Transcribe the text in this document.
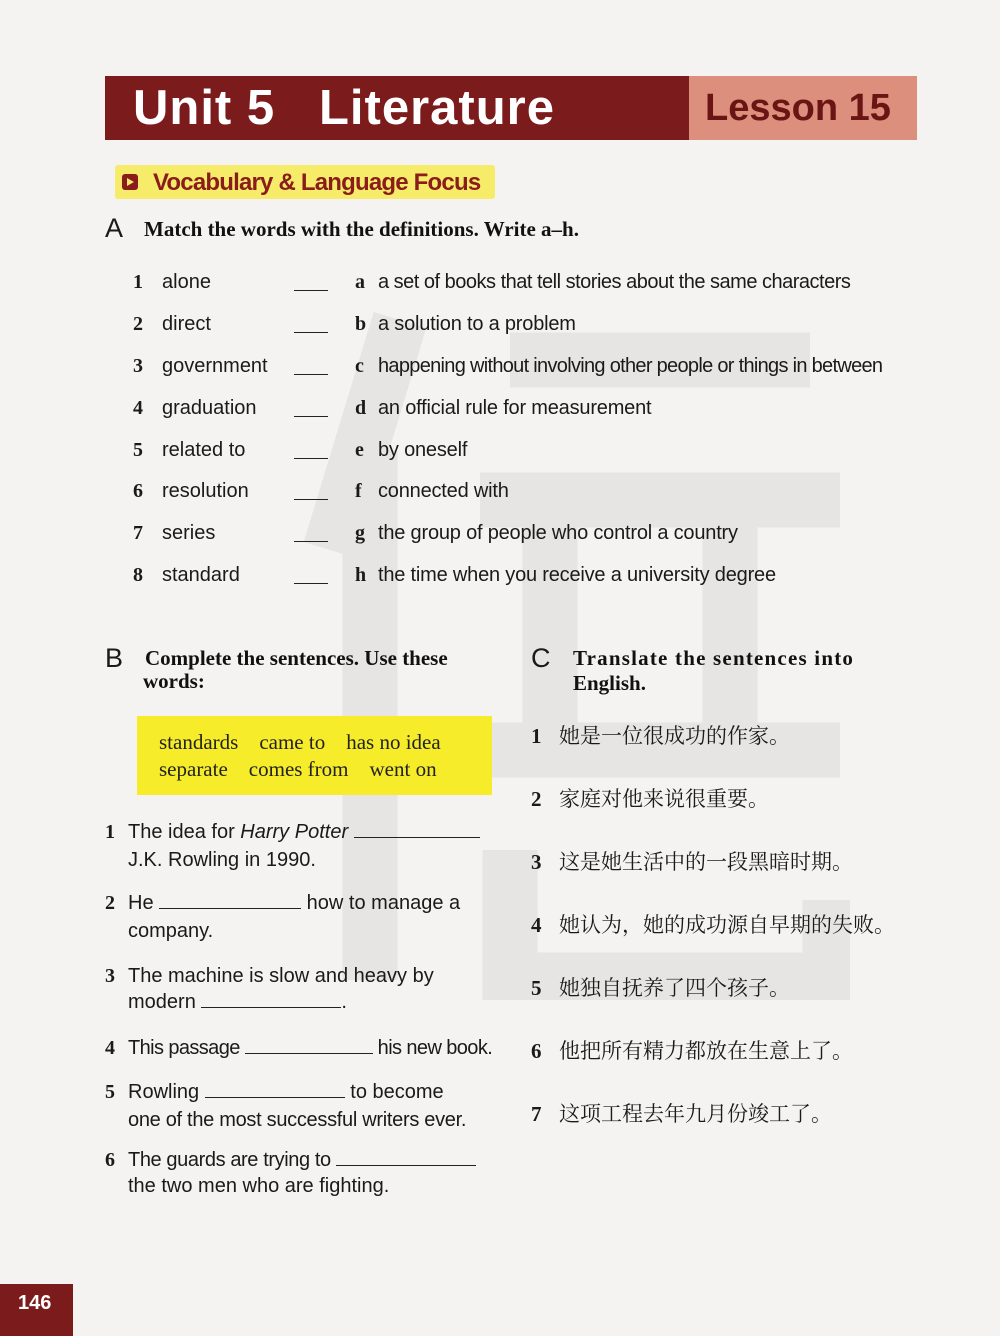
Unit 5   Literature	Lesson 15
Vocabulary & Language Focus
A Match the words with the definitions. Write a–h.
1 alone	a a set of books that tell stories about the same characters
2 direct	b a solution to a problem
3 government	c happening without involving other people or things in between
4 graduation	d an official rule for measurement
5 related to	e by oneself
6 resolution	f connected with
7 series	g the group of people who control a country
8 standard	h the time when you receive a university degree
B Complete the sentences. Use these
words:
standards    came to    has no idea
separate    comes from    went on
1 The idea for Harry Potter
J.K. Rowling in 1990.
2 He	how to manage a
company.
3 The machine is slow and heavy by
modern	.
4 This passage	his new book.
5 Rowling	to become
one of the most successful writers ever.
6 The guards are trying to
the two men who are fighting.
C Translate the sentences into
English.
1 她是一位很成功的作家。
2 家庭对他来说很重要。
3 这是她生活中的一段黑暗时期。
4 她认为，她的成功源自早期的失败。
5 她独自抚养了四个孩子。
6 他把所有精力都放在生意上了。
7 这项工程去年九月份竣工了。
146
